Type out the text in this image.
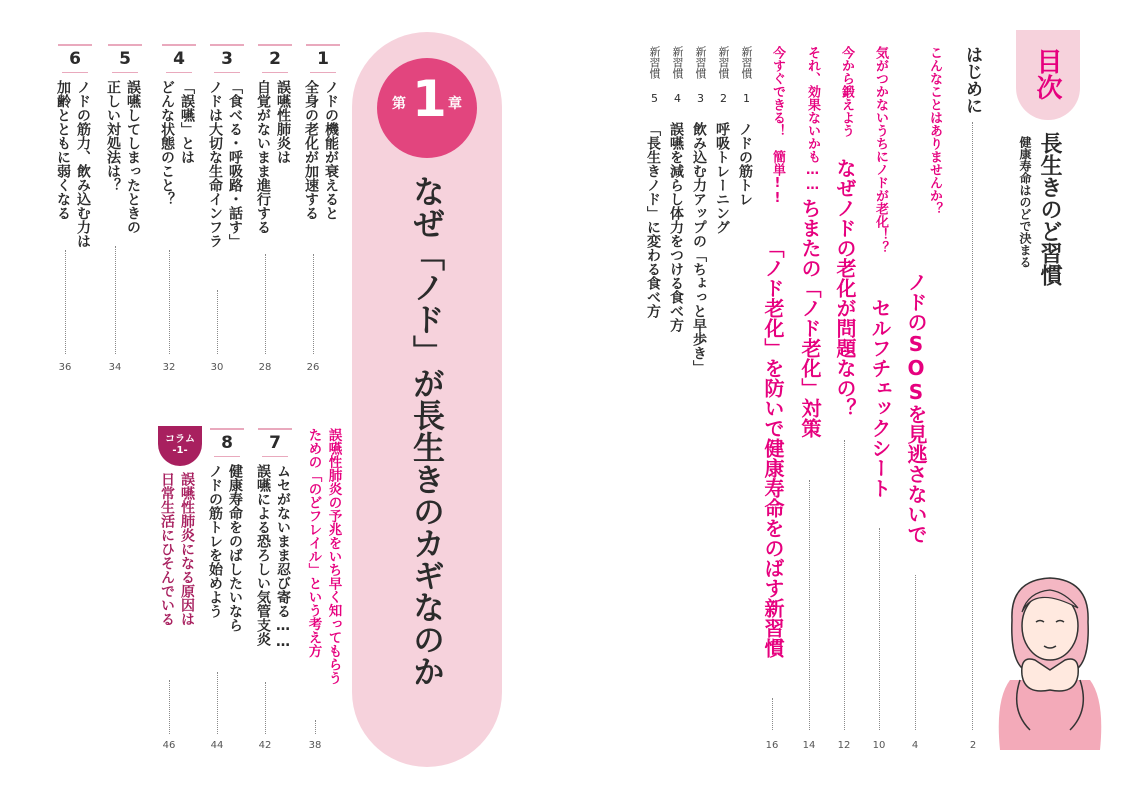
目次
長生きのど習慣
健康寿命はのどで決まる
はじめに
2
こんなことはありませんか？
ノドのSOSを見逃さないで
4
気がつかないうちにノドが老化！？
セルフチェックシート
10
今から鍛えよう
なぜノドの老化が問題なの？
12
それ、効果ないかも……
ちまたの「ノド老化」対策
14
今すぐできる！　簡単!!
「ノド老化」を防いで健康寿命をのばす新習慣
16
新習慣 1
ノドの筋トレ
新習慣 2
呼吸トレーニング
新習慣 3
飲み込む力アップの「ちょっと早歩き」
新習慣 4
誤嚥を減らし体力をつける食べ方
新習慣 5
「長生きノド」に変わる食べ方
第 1 章
なぜ「ノド」が長生きのカギなのか
1
2
3
4
5
6
ノドの機能が衰えると
全身の老化が加速する
26
誤嚥性肺炎は
自覚がないまま進行する
28
「食べる・呼吸路・話す」
ノドは大切な生命インフラ
30
「誤嚥」とは
どんな状態のこと？
32
誤嚥してしまったときの
正しい対処法は？
34
ノドの筋力、飲み込む力は
加齢とともに弱くなる
36
誤嚥性肺炎の予兆をいち早く知ってもらう
ための「のどフレイル」という考え方
38
7
8
ムセがないまま忍び寄る……
誤嚥による恐ろしい気管支炎
42
健康寿命をのばしたいなら
ノドの筋トレを始めよう
44
コラム
-1-
誤嚥性肺炎になる原因は
日常生活にひそんでいる
46
